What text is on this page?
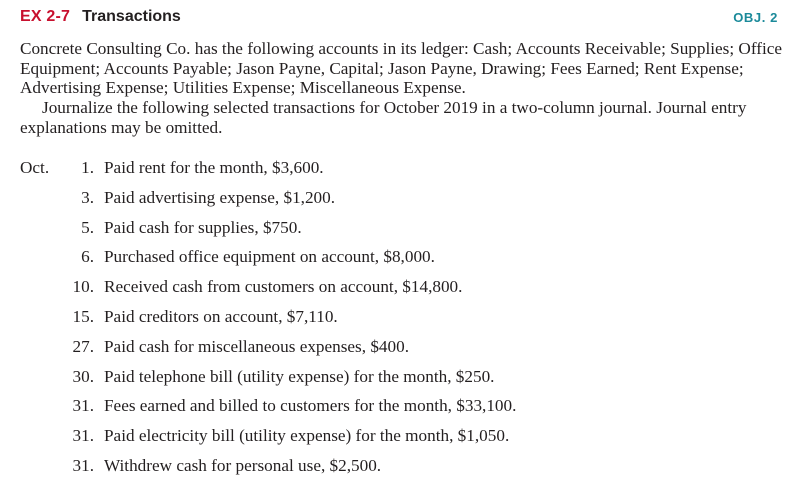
EX 2-7 Transactions	OBJ. 2

Concrete Consulting Co. has the following accounts in its ledger: Cash; Accounts Receivable; Supplies; Office Equipment; Accounts Payable; Jason Payne, Capital; Jason Payne, Drawing; Fees Earned; Rent Expense; Advertising Expense; Utilities Expense; Miscellaneous Expense.

Journalize the following selected transactions for October 2019 in a two-column journal. Journal entry explanations may be omitted.

Oct.	1. Paid rent for the month, $3,600.
3. Paid advertising expense, $1,200.
5. Paid cash for supplies, $750.
6. Purchased office equipment on account, $8,000.
10. Received cash from customers on account, $14,800.
15. Paid creditors on account, $7,110.
27. Paid cash for miscellaneous expenses, $400.
30. Paid telephone bill (utility expense) for the month, $250.
31. Fees earned and billed to customers for the month, $33,100.
31. Paid electricity bill (utility expense) for the month, $1,050.
31. Withdrew cash for personal use, $2,500.
